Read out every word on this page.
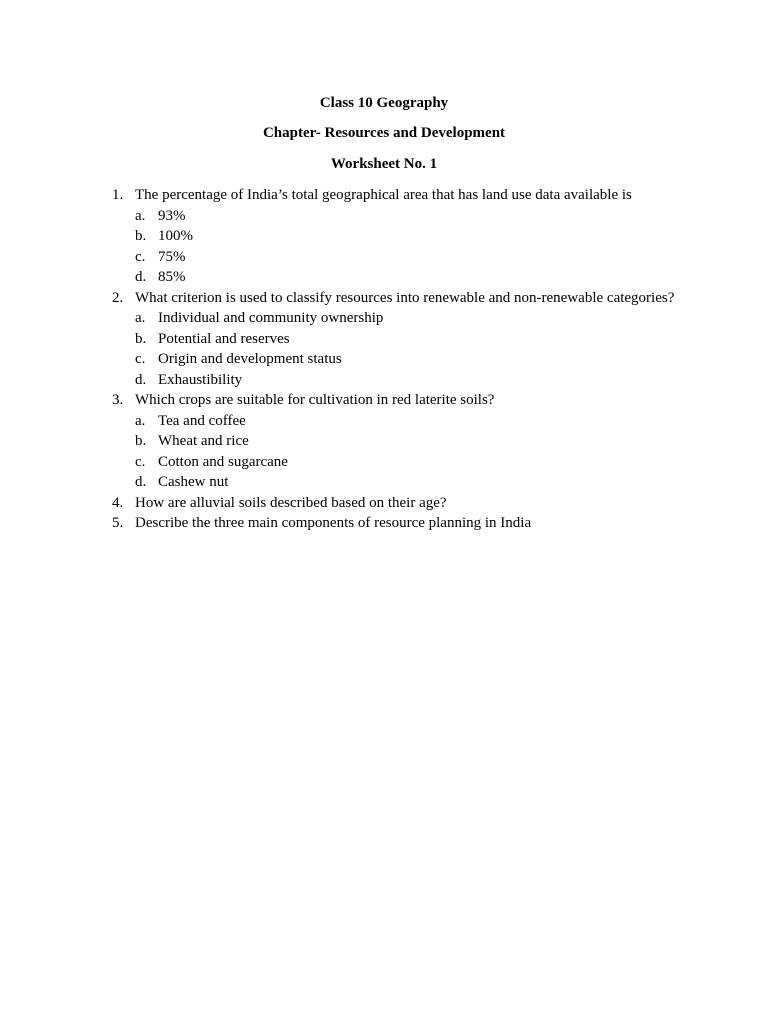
Class 10 Geography
Chapter- Resources and Development
Worksheet No. 1
1. The percentage of India’s total geographical area that has land use data available is
a. 93%
b. 100%
c. 75%
d. 85%
2. What criterion is used to classify resources into renewable and non-renewable categories?
a. Individual and community ownership
b. Potential and reserves
c. Origin and development status
d. Exhaustibility
3. Which crops are suitable for cultivation in red laterite soils?
a. Tea and coffee
b. Wheat and rice
c. Cotton and sugarcane
d. Cashew nut
4. How are alluvial soils described based on their age?
5. Describe the three main components of resource planning in India
